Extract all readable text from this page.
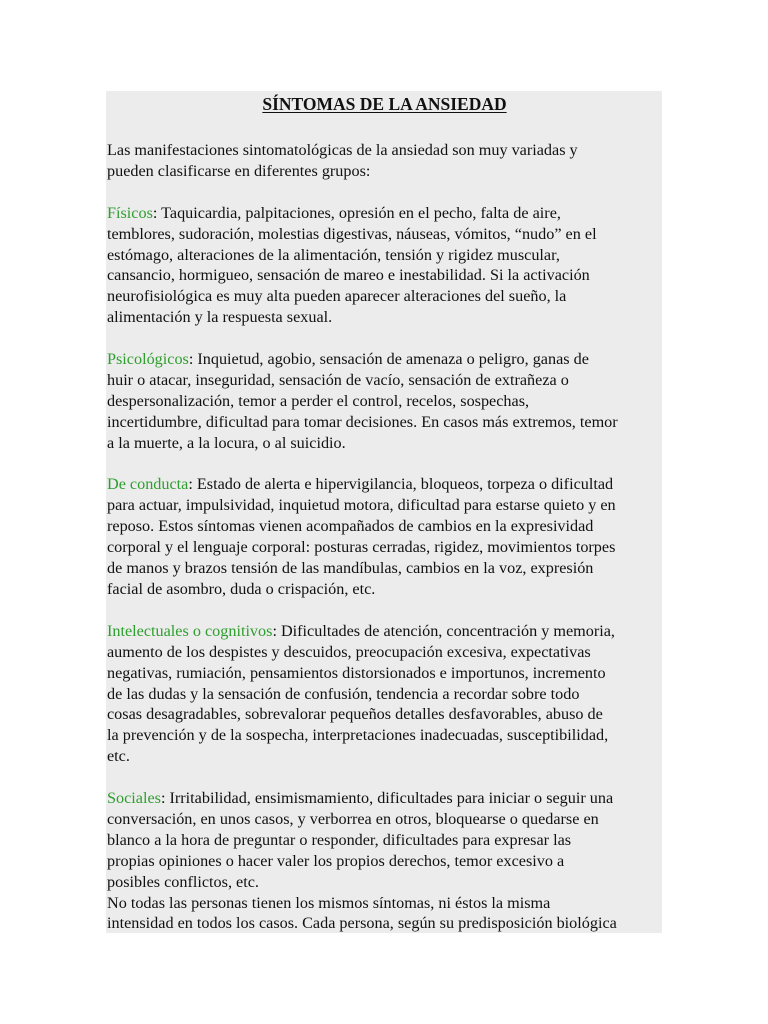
SÍNTOMAS DE LA ANSIEDAD

Las manifestaciones sintomatológicas de la ansiedad son muy variadas y
pueden clasificarse en diferentes grupos:

Físicos: Taquicardia, palpitaciones, opresión en el pecho, falta de aire,
temblores, sudoración, molestias digestivas, náuseas, vómitos, “nudo” en el
estómago, alteraciones de la alimentación, tensión y rigidez muscular,
cansancio, hormigueo, sensación de mareo e inestabilidad. Si la activación
neurofisiológica es muy alta pueden aparecer alteraciones del sueño, la
alimentación y la respuesta sexual.

Psicológicos: Inquietud, agobio, sensación de amenaza o peligro, ganas de
huir o atacar, inseguridad, sensación de vacío, sensación de extrañeza o
despersonalización, temor a perder el control, recelos, sospechas,
incertidumbre, dificultad para tomar decisiones. En casos más extremos, temor
a la muerte, a la locura, o al suicidio.

De conducta: Estado de alerta e hipervigilancia, bloqueos, torpeza o dificultad
para actuar, impulsividad, inquietud motora, dificultad para estarse quieto y en
reposo. Estos síntomas vienen acompañados de cambios en la expresividad
corporal y el lenguaje corporal: posturas cerradas, rigidez, movimientos torpes
de manos y brazos tensión de las mandíbulas, cambios en la voz, expresión
facial de asombro, duda o crispación, etc.

Intelectuales o cognitivos: Dificultades de atención, concentración y memoria,
aumento de los despistes y descuidos, preocupación excesiva, expectativas
negativas, rumiación, pensamientos distorsionados e importunos, incremento
de las dudas y la sensación de confusión, tendencia a recordar sobre todo
cosas desagradables, sobrevalorar pequeños detalles desfavorables, abuso de
la prevención y de la sospecha, interpretaciones inadecuadas, susceptibilidad,
etc.

Sociales: Irritabilidad, ensimismamiento, dificultades para iniciar o seguir una
conversación, en unos casos, y verborrea en otros, bloquearse o quedarse en
blanco a la hora de preguntar o responder, dificultades para expresar las
propias opiniones o hacer valer los propios derechos, temor excesivo a
posibles conflictos, etc.

No todas las personas tienen los mismos síntomas, ni éstos la misma
intensidad en todos los casos. Cada persona, según su predisposición biológica
